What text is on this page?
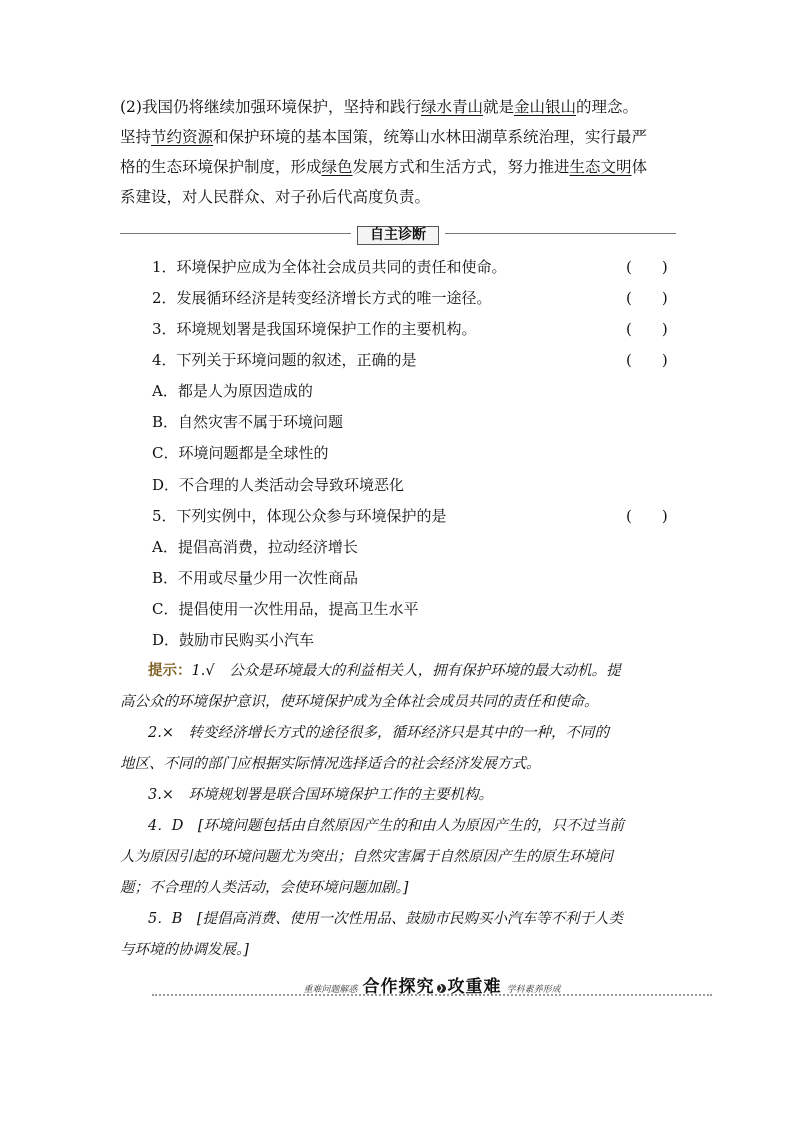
(2)我国仍将继续加强环境保护，坚持和践行绿水青山就是金山银山的理念。
坚持节约资源和保护环境的基本国策，统筹山水林田湖草系统治理，实行最严
格的生态环境保护制度，形成绿色发展方式和生活方式，努力推进生态文明体
系建设，对人民群众、对子孙后代高度负责。
自主诊断
1．环境保护应成为全体社会成员共同的责任和使命。	(　　)
2．发展循环经济是转变经济增长方式的唯一途径。	(　　)
3．环境规划署是我国环境保护工作的主要机构。	(　　)
4．下列关于环境问题的叙述，正确的是	(　　)
A．都是人为原因造成的
B．自然灾害不属于环境问题
C．环境问题都是全球性的
D．不合理的人类活动会导致环境恶化
5．下列实例中，体现公众参与环境保护的是	(　　)
A．提倡高消费，拉动经济增长
B．不用或尽量少用一次性商品
C．提倡使用一次性用品，提高卫生水平
D．鼓励市民购买小汽车
提示：1.√　公众是环境最大的利益相关人，拥有保护环境的最大动机。提
高公众的环境保护意识，使环境保护成为全体社会成员共同的责任和使命。
2.×　转变经济增长方式的途径很多，循环经济只是其中的一种，不同的
地区、不同的部门应根据实际情况选择适合的社会经济发展方式。
3.×　环境规划署是联合国环境保护工作的主要机构。
4．D　[环境问题包括由自然原因产生的和由人为原因产生的，只不过当前
人为原因引起的环境问题尤为突出；自然灾害属于自然原因产生的原生环境问
题；不合理的人类活动，会使环境问题加剧。]
5．B　[提倡高消费、使用一次性用品、鼓励市民购买小汽车等不利于人类
与环境的协调发展。]
重难问题解惑 合作探究 ❯ 攻重难 学科素养形成
